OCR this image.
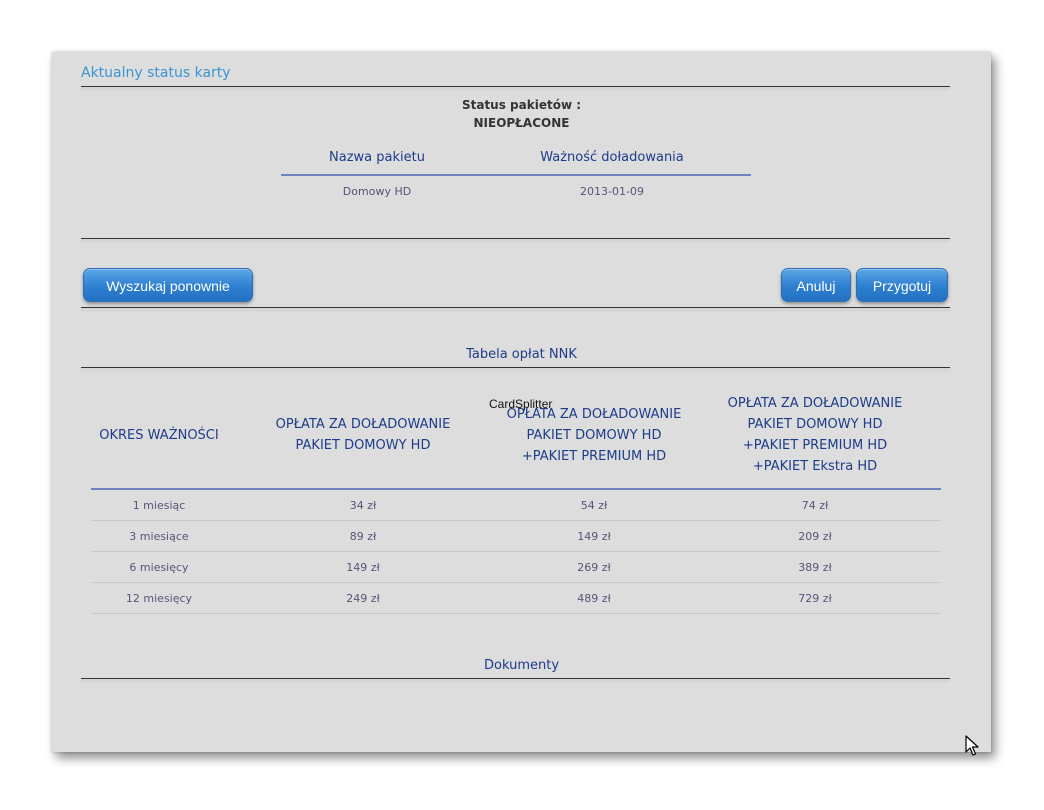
Aktualny status karty
Status pakietów :
NIEOPŁACONE
Nazwa pakietu	Ważność doładowania
Domowy HD	2013-01-09
Wyszukaj ponownie	Anuluj	Przygotuj
Tabela opłat NNK
OKRES WAŻNOŚCI
OPŁATA ZA DOŁADOWANIE
PAKIET DOMOWY HD
OPŁATA ZA DOŁADOWANIE
PAKIET DOMOWY HD
+PAKIET PREMIUM HD
OPŁATA ZA DOŁADOWANIE
PAKIET DOMOWY HD
+PAKIET PREMIUM HD
+PAKIET Ekstra HD
1 miesiąc	34 zł	54 zł	74 zł
3 miesiące	89 zł	149 zł	209 zł
6 miesięcy	149 zł	269 zł	389 zł
12 miesięcy	249 zł	489 zł	729 zł
Dokumenty
CardSplitter
